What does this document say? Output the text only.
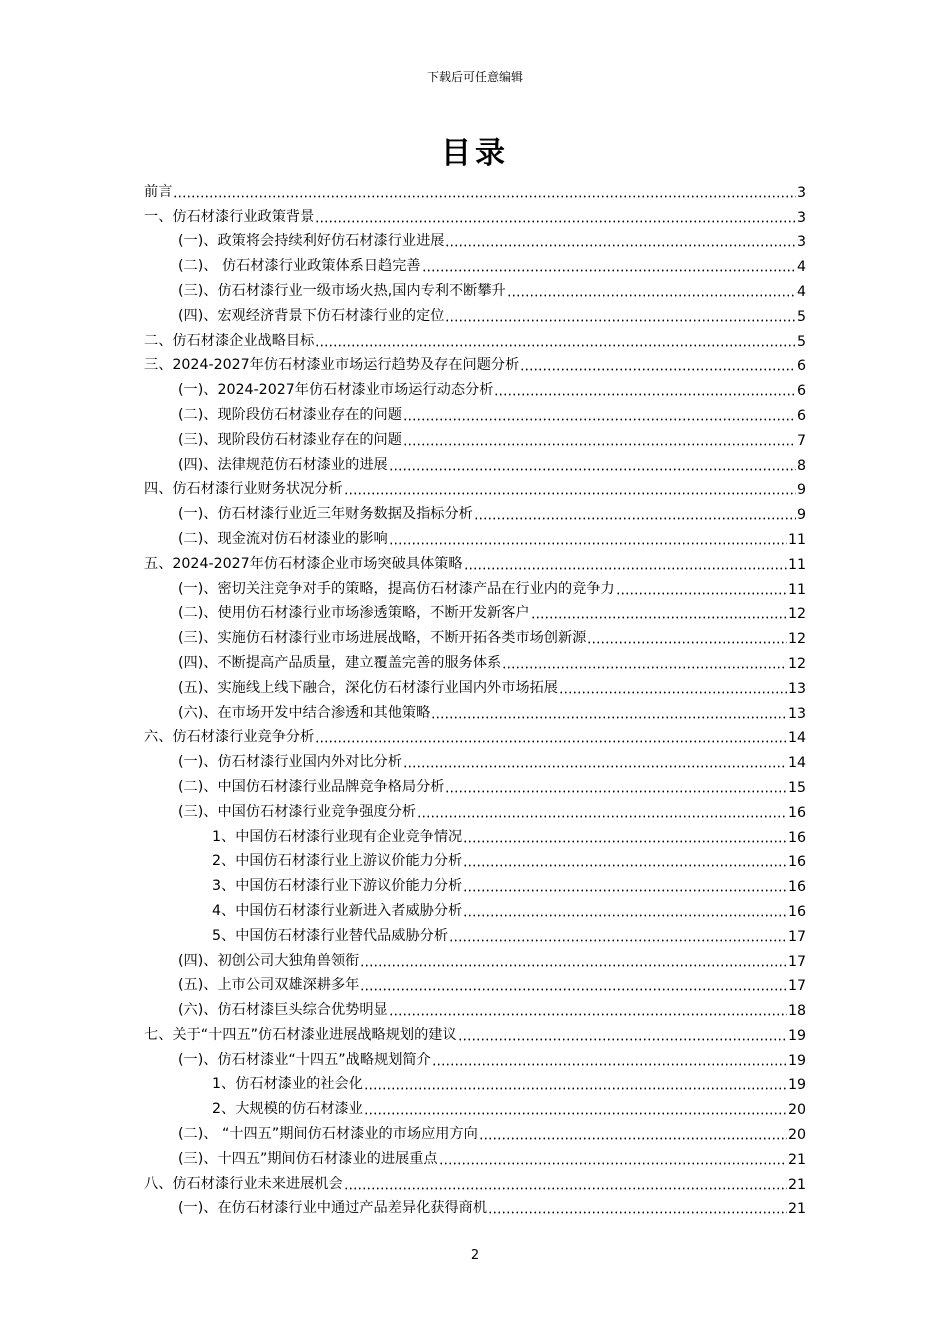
下载后可任意编辑
目录
前言	3
一、仿石材漆行业政策背景	3
(一)、政策将会持续利好仿石材漆行业进展	3
(二)、 仿石材漆行业政策体系日趋完善	4
(三)、仿石材漆行业一级市场火热,国内专利不断攀升	4
(四)、宏观经济背景下仿石材漆行业的定位	5
二、仿石材漆企业战略目标	5
三、2024-2027年仿石材漆业市场运行趋势及存在问题分析	6
(一)、2024-2027年仿石材漆业市场运行动态分析	6
(二)、现阶段仿石材漆业存在的问题	6
(三)、现阶段仿石材漆业存在的问题	7
(四)、法律规范仿石材漆业的进展	8
四、仿石材漆行业财务状况分析	9
(一)、仿石材漆行业近三年财务数据及指标分析	9
(二)、现金流对仿石材漆业的影响	11
五、2024-2027年仿石材漆企业市场突破具体策略	11
(一)、密切关注竞争对手的策略，提高仿石材漆产品在行业内的竞争力	11
(二)、使用仿石材漆行业市场渗透策略，不断开发新客户	12
(三)、实施仿石材漆行业市场进展战略，不断开拓各类市场创新源	12
(四)、不断提高产品质量，建立覆盖完善的服务体系	12
(五)、实施线上线下融合，深化仿石材漆行业国内外市场拓展	13
(六)、在市场开发中结合渗透和其他策略	13
六、仿石材漆行业竞争分析	14
(一)、仿石材漆行业国内外对比分析	14
(二)、中国仿石材漆行业品牌竞争格局分析	15
(三)、中国仿石材漆行业竞争强度分析	16
1、中国仿石材漆行业现有企业竞争情况	16
2、中国仿石材漆行业上游议价能力分析	16
3、中国仿石材漆行业下游议价能力分析	16
4、中国仿石材漆行业新进入者威胁分析	16
5、中国仿石材漆行业替代品威胁分析	17
(四)、初创公司大独角兽领衔	17
(五)、上市公司双雄深耕多年	17
(六)、仿石材漆巨头综合优势明显	18
七、关于“十四五”仿石材漆业进展战略规划的建议	19
(一)、仿石材漆业“十四五”战略规划简介	19
1、仿石材漆业的社会化	19
2、大规模的仿石材漆业	20
(二)、 “十四五”期间仿石材漆业的市场应用方向	20
(三)、十四五”期间仿石材漆业的进展重点	21
八、仿石材漆行业未来进展机会	21
(一)、在仿石材漆行业中通过产品差异化获得商机	21
2
